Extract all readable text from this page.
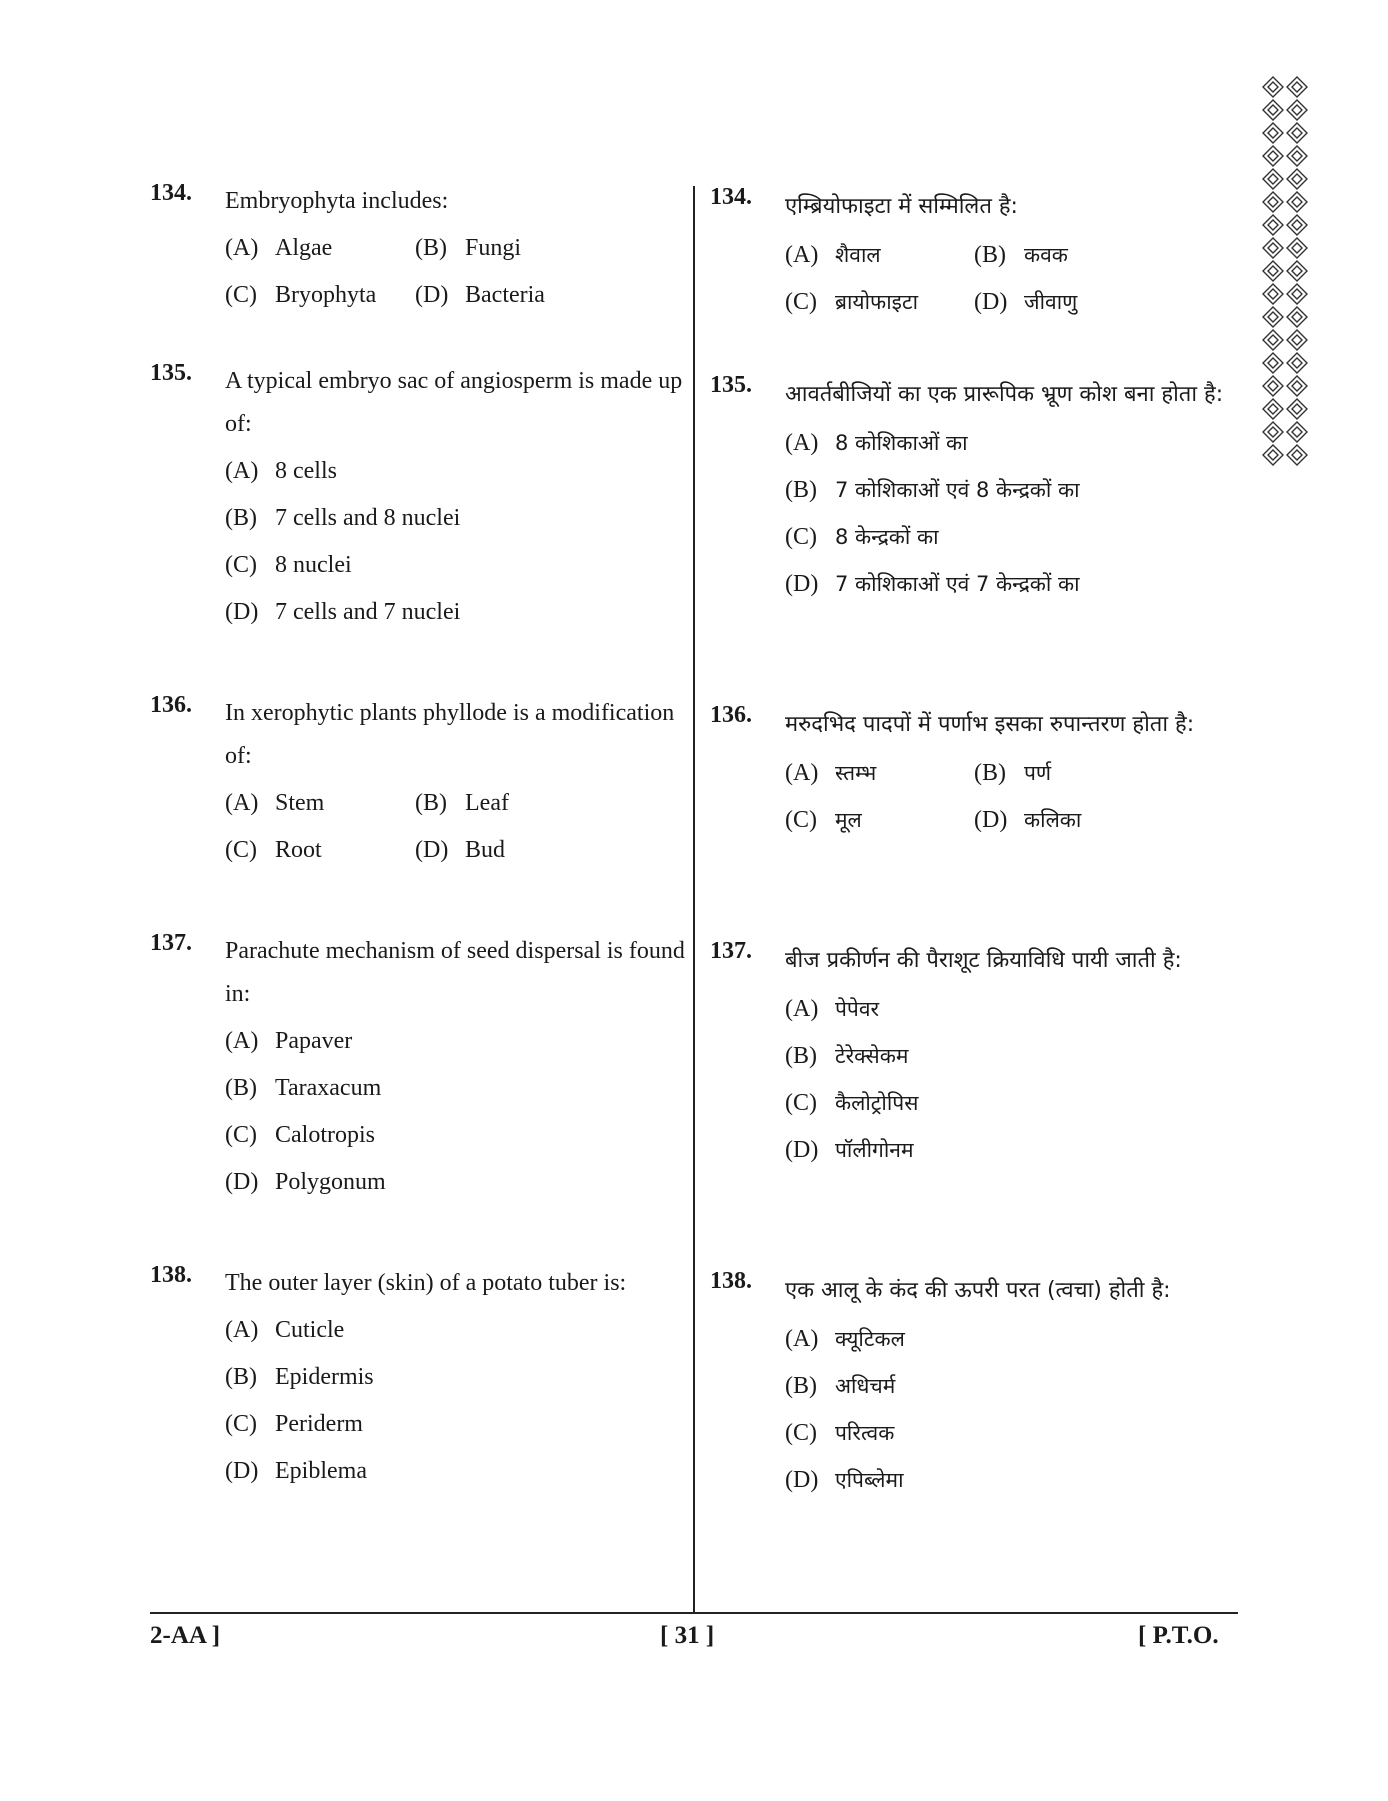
134. Embryophyta includes:
(A) Algae	(B) Fungi
(C) Bryophyta	(D) Bacteria
135. A typical embryo sac of angiosperm is made up of:
(A) 8 cells
(B) 7 cells and 8 nuclei
(C) 8 nuclei
(D) 7 cells and 7 nuclei
136. In xerophytic plants phyllode is a modification of:
(A) Stem	(B) Leaf
(C) Root	(D) Bud
137. Parachute mechanism of seed dispersal is found in:
(A) Papaver
(B) Taraxacum
(C) Calotropis
(D) Polygonum
138. The outer layer (skin) of a potato tuber is:
(A) Cuticle
(B) Epidermis
(C) Periderm
(D) Epiblema
134. एम्ब्रियोफाइटा में सम्मिलित है:
(A) शैवाल	(B) कवक
(C) ब्रायोफाइटा	(D) जीवाणु
135. आवर्तबीजियों का एक प्रारूपिक भ्रूण कोश बना होता है:
(A) 8 कोशिकाओं का
(B) 7 कोशिकाओं एवं 8 केन्द्रकों का
(C) 8 केन्द्रकों का
(D) 7 कोशिकाओं एवं 7 केन्द्रकों का
136. मरुदभिद पादपों में पर्णाभ इसका रुपान्तरण होता है:
(A) स्तम्भ	(B) पर्ण
(C) मूल	(D) कलिका
137. बीज प्रकीर्णन की पैराशूट क्रियाविधि पायी जाती है:
(A) पेपेवर
(B) टेरेक्सेकम
(C) कैलोट्रोपिस
(D) पॉलीगोनम
138. एक आलू के कंद की ऊपरी परत (त्वचा) होती है:
(A) क्यूटिकल
(B) अधिचर्म
(C) परित्वक
(D) एपिब्लेमा
2-AA ]	[ 31 ]	[ P.T.O.
